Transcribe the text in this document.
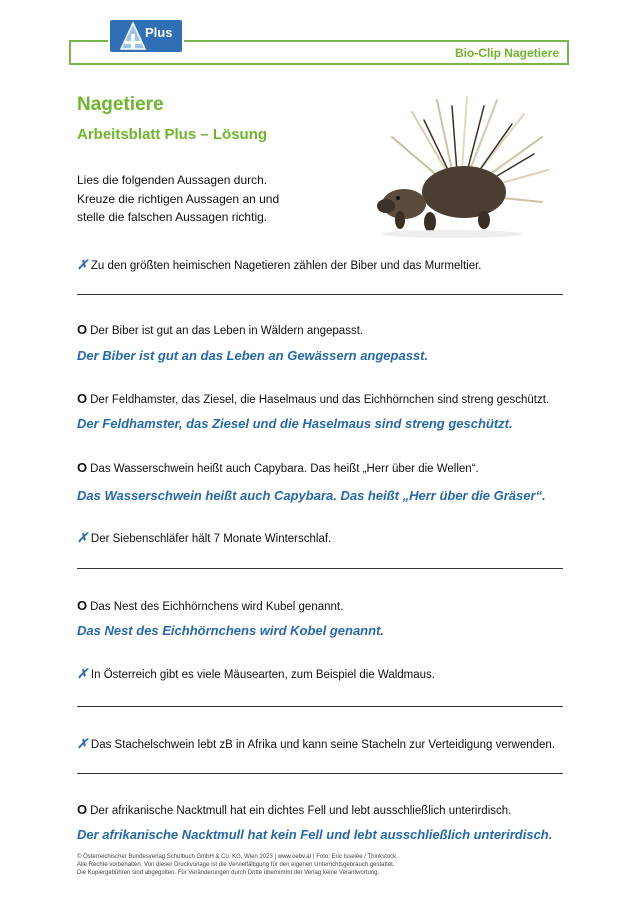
Bio-Clip Nagetiere
Plus
Nagetiere
Arbeitsblatt Plus – Lösung
Lies die folgenden Aussagen durch.
Kreuze die richtigen Aussagen an und
stelle die falschen Aussagen richtig.
✗ Zu den größten heimischen Nagetieren zählen der Biber und das Murmeltier.
O Der Biber ist gut an das Leben in Wäldern angepasst.
Der Biber ist gut an das Leben an Gewässern angepasst.
O Der Feldhamster, das Ziesel, die Haselmaus und das Eichhörnchen sind streng geschützt.
Der Feldhamster, das Ziesel und die Haselmaus sind streng geschützt.
O Das Wasserschwein heißt auch Capybara. Das heißt „Herr über die Wellen“.
Das Wasserschwein heißt auch Capybara. Das heißt „Herr über die Gräser“.
✗ Der Siebenschläfer hält 7 Monate Winterschlaf.
O Das Nest des Eichhörnchens wird Kubel genannt.
Das Nest des Eichhörnchens wird Kobel genannt.
✗ In Österreich gibt es viele Mäusearten, zum Beispiel die Waldmaus.
✗ Das Stachelschwein lebt zB in Afrika und kann seine Stacheln zur Verteidigung verwenden.
O Der afrikanische Nacktmull hat ein dichtes Fell und lebt ausschließlich unterirdisch.
Der afrikanische Nacktmull hat kein Fell und lebt ausschließlich unterirdisch.
© Österreichischer Bundesverlag Schulbuch GmbH & Co. KG, Wien 2023 | www.oebv.at | Foto: Eric Isselée / Thinkstock
Alle Rechte vorbehalten. Von dieser Druckvorlage ist die Vervielfältigung für den eigenen Unterrichtsgebrauch gestattet.
Die Kopiergebühren sind abgegolten. Für Veränderungen durch Dritte übernimmt der Verlag keine Verantwortung.
